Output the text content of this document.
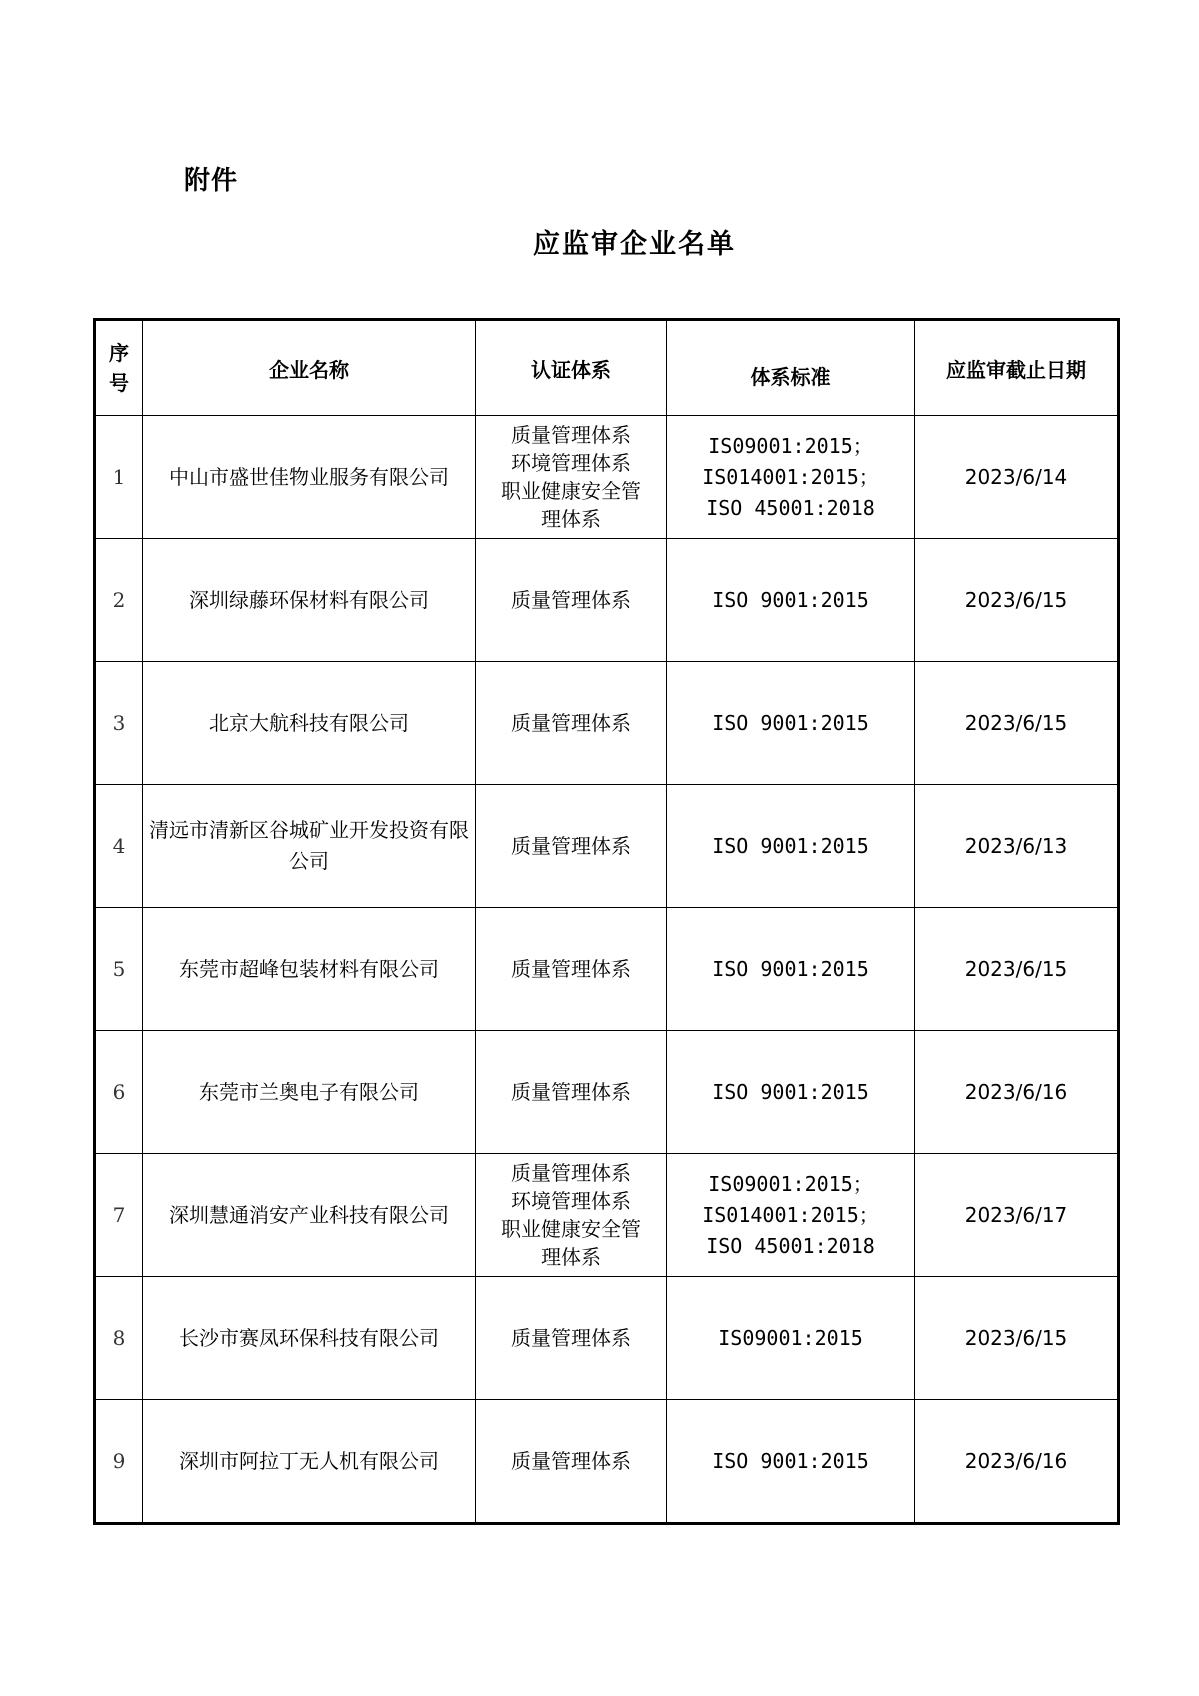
附件
应监审企业名单
序
号	企业名称	认证体系	体系标准	应监审截止日期
1	中山市盛世佳物业服务有限公司	质量管理体系
环境管理体系
职业健康安全管
理体系	IS09001:2015；
IS014001:2015；
ISO 45001:2018	2023/6/14
2	深圳绿藤环保材料有限公司	质量管理体系	ISO 9001:2015	2023/6/15
3	北京大航科技有限公司	质量管理体系	ISO 9001:2015	2023/6/15
4	清远市清新区谷城矿业开发投资有限公司	质量管理体系	ISO 9001:2015	2023/6/13
5	东莞市超峰包装材料有限公司	质量管理体系	ISO 9001:2015	2023/6/15
6	东莞市兰奥电子有限公司	质量管理体系	ISO 9001:2015	2023/6/16
7	深圳慧通消安产业科技有限公司	质量管理体系
环境管理体系
职业健康安全管
理体系	IS09001:2015；
IS014001:2015；
ISO 45001:2018	2023/6/17
8	长沙市赛凤环保科技有限公司	质量管理体系	IS09001:2015	2023/6/15
9	深圳市阿拉丁无人机有限公司	质量管理体系	ISO 9001:2015	2023/6/16
